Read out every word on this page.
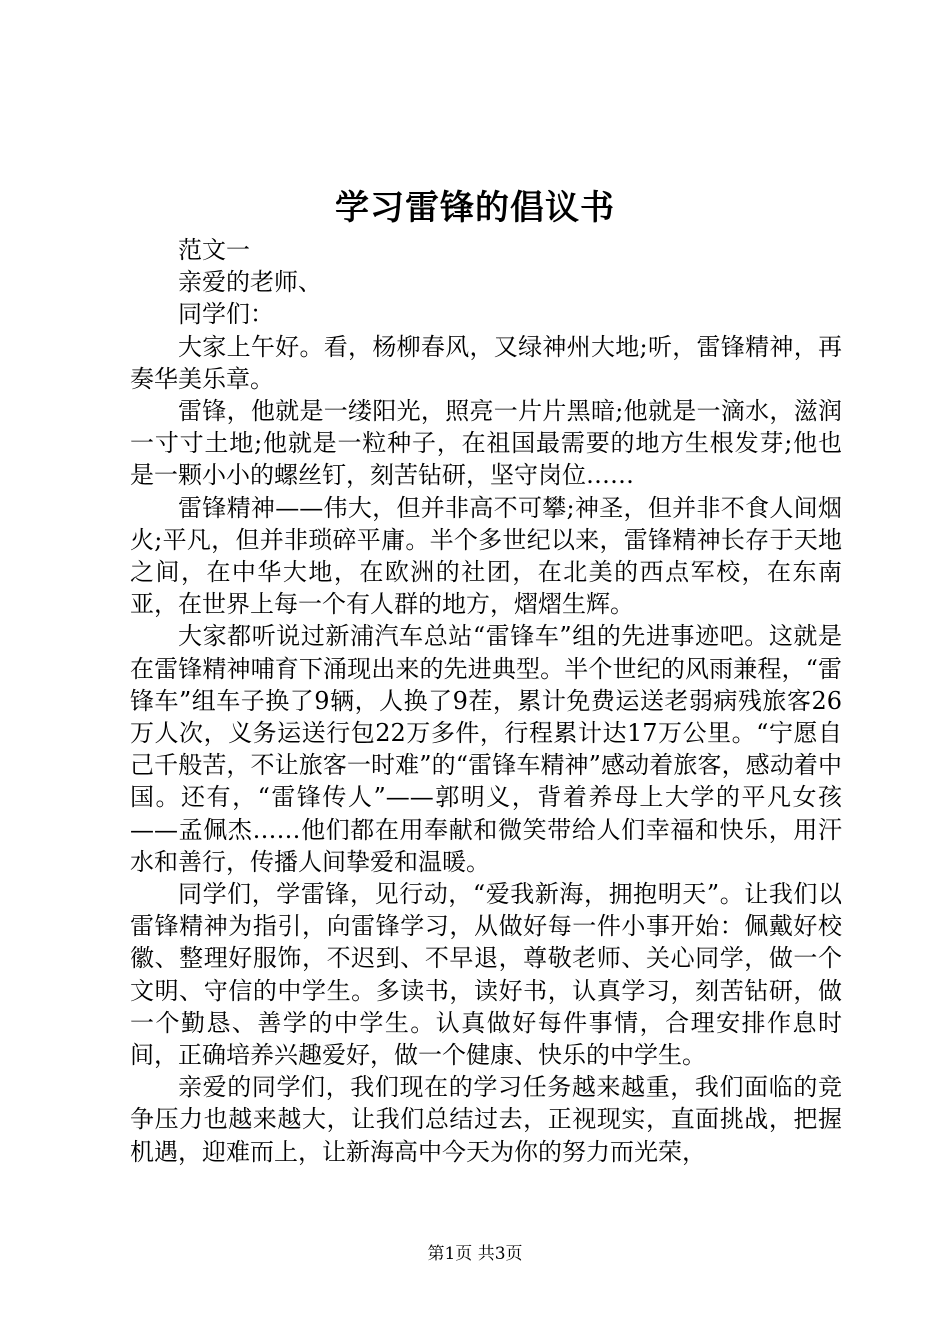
学习雷锋的倡议书

范文一

亲爱的老师、

同学们：

大家上午好。看，杨柳春风，又绿神州大地;听，雷锋精神，再奏华美乐章。

雷锋，他就是一缕阳光，照亮一片片黑暗;他就是一滴水，滋润一寸寸土地;他就是一粒种子，在祖国最需要的地方生根发芽;他也是一颗小小的螺丝钉，刻苦钻研，坚守岗位……

雷锋精神——伟大，但并非高不可攀;神圣，但并非不食人间烟火;平凡，但并非琐碎平庸。半个多世纪以来，雷锋精神长存于天地之间，在中华大地，在欧洲的社团，在北美的西点军校，在东南亚，在世界上每一个有人群的地方，熠熠生辉。

大家都听说过新浦汽车总站“雷锋车”组的先进事迹吧。这就是在雷锋精神哺育下涌现出来的先进典型。半个世纪的风雨兼程，“雷锋车”组车子换了9辆，人换了9茬，累计免费运送老弱病残旅客26万人次，义务运送行包22万多件，行程累计达17万公里。“宁愿自己千般苦，不让旅客一时难”的“雷锋车精神”感动着旅客，感动着中国。还有，“雷锋传人”——郭明义，背着养母上大学的平凡女孩——孟佩杰……他们都在用奉献和微笑带给人们幸福和快乐，用汗水和善行，传播人间挚爱和温暖。

同学们，学雷锋，见行动，“爱我新海，拥抱明天”。让我们以雷锋精神为指引，向雷锋学习，从做好每一件小事开始：佩戴好校徽、整理好服饰，不迟到、不早退，尊敬老师、关心同学，做一个文明、守信的中学生。多读书，读好书，认真学习，刻苦钻研，做一个勤恳、善学的中学生。认真做好每件事情，合理安排作息时间，正确培养兴趣爱好，做一个健康、快乐的中学生。

亲爱的同学们，我们现在的学习任务越来越重，我们面临的竞争压力也越来越大，让我们总结过去，正视现实，直面挑战，把握机遇，迎难而上，让新海高中今天为你的努力而光荣，

第1页 共3页
